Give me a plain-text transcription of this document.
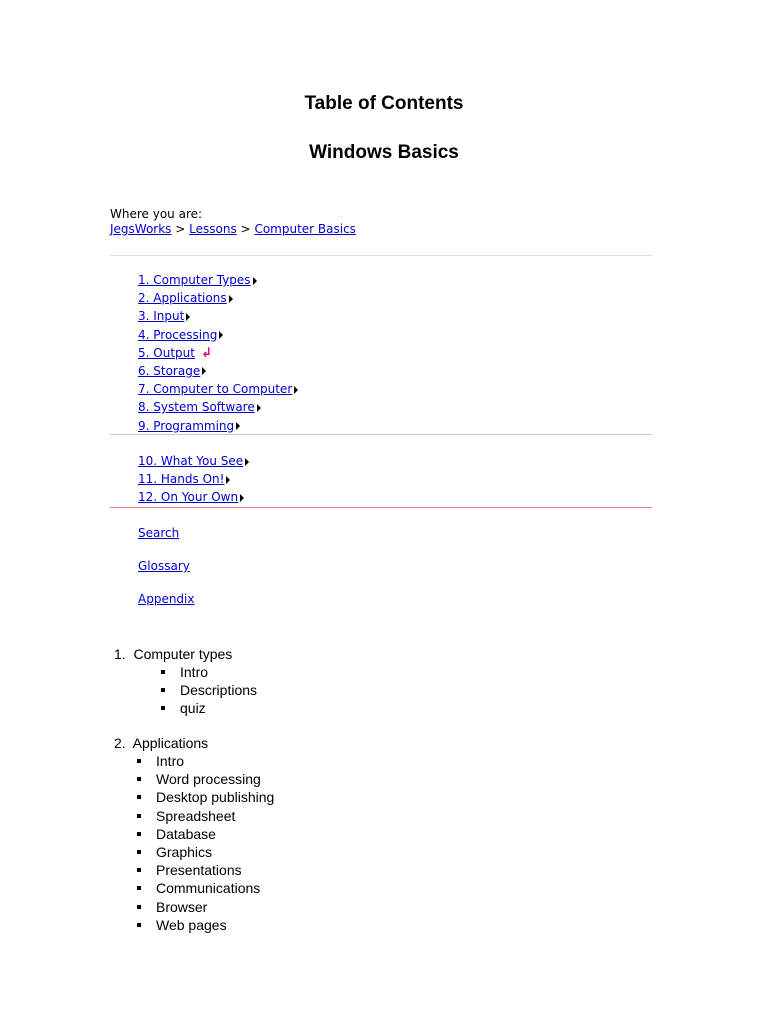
Table of Contents
Windows Basics
Where you are:
JegsWorks > Lessons > Computer Basics
1. Computer Types
2. Applications
3. Input
4. Processing
5. Output ↲
6. Storage
7. Computer to Computer
8. System Software
9. Programming
10. What You See
11. Hands On!
12. On Your Own
Search
Glossary
Appendix
1.  Computer types
Intro
Descriptions
quiz
2.  Applications
Intro
Word processing
Desktop publishing
Spreadsheet
Database
Graphics
Presentations
Communications
Browser
Web pages
